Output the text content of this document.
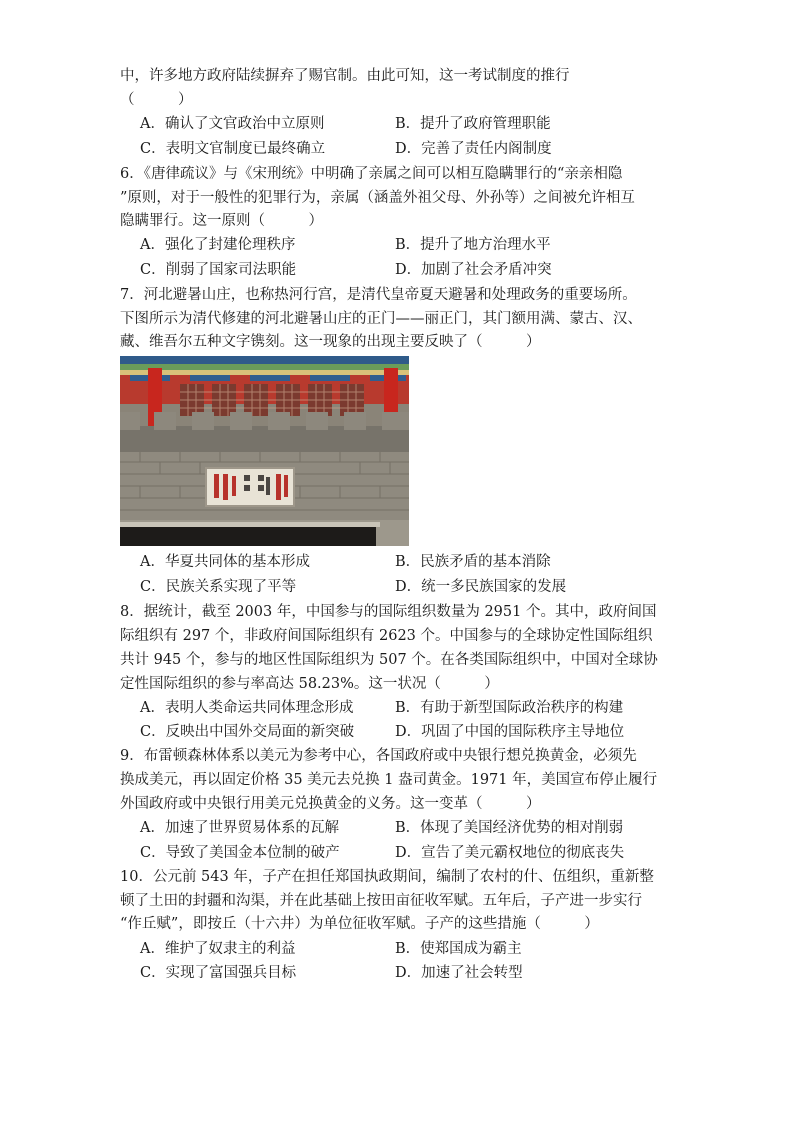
中，许多地方政府陆续摒弃了赐官制。由此可知，这一考试制度的推行
（　　　）
A．确认了文官政治中立原则	B．提升了政府管理职能
C．表明文官制度已最终确立	D．完善了责任内阁制度
6．《唐律疏议》与《宋刑统》中明确了亲属之间可以相互隐瞒罪行的“亲亲相隐
”原则，对于一般性的犯罪行为，亲属（涵盖外祖父母、外孙等）之间被允许相互
隐瞒罪行。这一原则（　　　）
A．强化了封建伦理秩序	B．提升了地方治理水平
C．削弱了国家司法职能	D．加剧了社会矛盾冲突
7．河北避暑山庄，也称热河行宫，是清代皇帝夏天避暑和处理政务的重要场所。
下图所示为清代修建的河北避暑山庄的正门——丽正门，其门额用满、蒙古、汉、
藏、维吾尔五种文字镌刻。这一现象的出现主要反映了（　　　）
A．华夏共同体的基本形成	B．民族矛盾的基本消除
C．民族关系实现了平等	D．统一多民族国家的发展
8．据统计，截至 2003 年，中国参与的国际组织数量为 2951 个。其中，政府间国
际组织有 297 个，非政府间国际组织有 2623 个。中国参与的全球协定性国际组织
共计 945 个，参与的地区性国际组织为 507 个。在各类国际组织中，中国对全球协
定性国际组织的参与率高达 58.23%。这一状况（　　　）
A．表明人类命运共同体理念形成	B．有助于新型国际政治秩序的构建
C．反映出中国外交局面的新突破	D．巩固了中国的国际秩序主导地位
9．布雷顿森林体系以美元为参考中心，各国政府或中央银行想兑换黄金，必须先
换成美元，再以固定价格 35 美元去兑换 1 盎司黄金。1971 年，美国宣布停止履行
外国政府或中央银行用美元兑换黄金的义务。这一变革（　　　）
A．加速了世界贸易体系的瓦解	B．体现了美国经济优势的相对削弱
C．导致了美国金本位制的破产	D．宣告了美元霸权地位的彻底丧失
10．公元前 543 年，子产在担任郑国执政期间，编制了农村的什、伍组织，重新整
顿了土田的封疆和沟渠，并在此基础上按田亩征收军赋。五年后，子产进一步实行
“作丘赋”，即按丘（十六井）为单位征收军赋。子产的这些措施（　　　）
A．维护了奴隶主的利益	B．使郑国成为霸主
C．实现了富国强兵目标	D．加速了社会转型
